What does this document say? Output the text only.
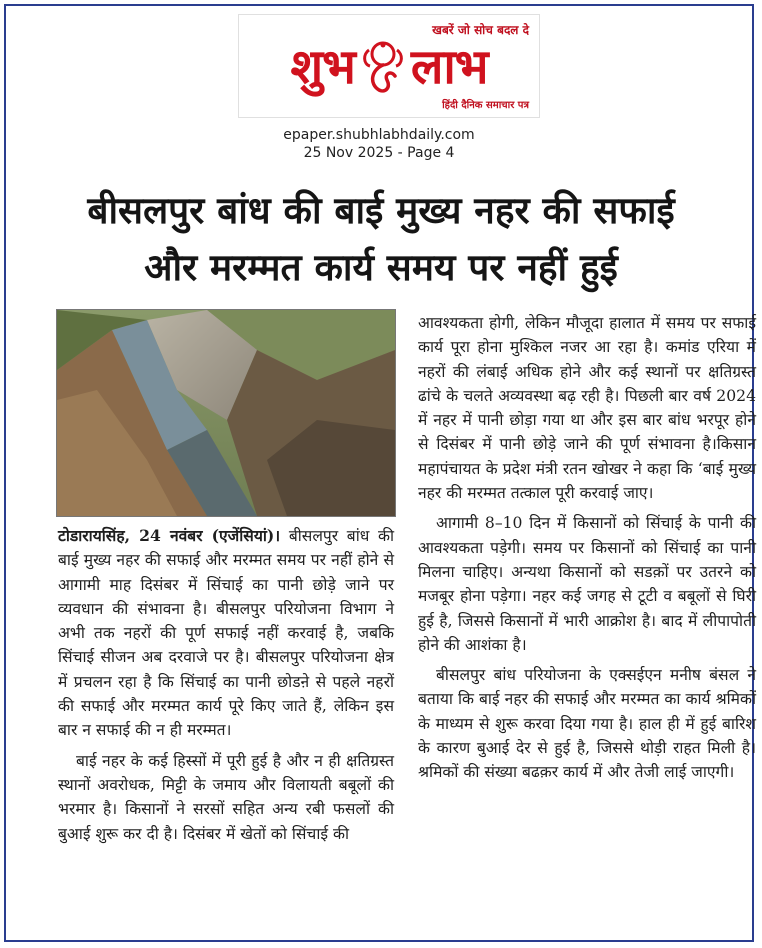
खबरें जो सोच बदल दे
शुभ लाभ
हिंदी दैनिक समाचार पत्र
epaper.shubhlabhdaily.com
25 Nov 2025 - Page 4
बीसलपुर बांध की बाई मुख्य नहर की सफाई
और मरम्मत कार्य समय पर नहीं हुई

टोडारायसिंह, 24 नवंबर (एजेंसियां)। बीसलपुर बांध की बाई मुख्य नहर की सफाई और मरम्मत समय पर नहीं होने से आगामी माह दिसंबर में सिंचाई का पानी छोड़े जाने पर व्यवधान की संभावना है। बीसलपुर परियोजना विभाग ने अभी तक नहरों की पूर्ण सफाई नहीं करवाई है, जबकि सिंचाई सीजन अब दरवाजे पर है। बीसलपुर परियोजना क्षेत्र में प्रचलन रहा है कि सिंचाई का पानी छोडऩे से पहले नहरों की सफाई और मरम्मत कार्य पूरे किए जाते हैं, लेकिन इस बार न सफाई की न ही मरम्मत।

बाई नहर के कई हिस्सों में पूरी हुई है और न ही क्षतिग्रस्त स्थानों अवरोधक, मिट्टी के जमाय और विलायती बबूलों की भरमार है। किसानों ने सरसों सहित अन्य रबी फसलों की बुआई शुरू कर दी है। दिसंबर में खेतों को सिंचाई की

आवश्यकता होगी, लेकिन मौजूदा हालात में समय पर सफाई कार्य पूरा होना मुश्किल नजर आ रहा है। कमांड एरिया में नहरों की लंबाई अधिक होने और कई स्थानों पर क्षतिग्रस्त ढांचे के चलते अव्यवस्था बढ़ रही है। पिछली बार वर्ष 2024 में नहर में पानी छोड़ा गया था और इस बार बांध भरपूर होने से दिसंबर में पानी छोड़े जाने की पूर्ण संभावना है।किसान महापंचायत के प्रदेश मंत्री रतन खोखर ने कहा कि ‘बाई मुख्य नहर की मरम्मत तत्काल पूरी करवाई जाए।

आगामी 8–10 दिन में किसानों को सिंचाई के पानी की आवश्यकता पड़ेगी। समय पर किसानों को सिंचाई का पानी मिलना चाहिए। अन्यथा किसानों को सडक़ों पर उतरने को मजबूर होना पड़ेगा। नहर कई जगह से टूटी व बबूलों से घिरी हुई है, जिससे किसानों में भारी आक्रोश है। बाद में लीपापोती होने की आशंका है।

बीसलपुर बांध परियोजना के एक्सईएन मनीष बंसल ने बताया कि बाई नहर की सफाई और मरम्मत का कार्य श्रमिकों के माध्यम से शुरू करवा दिया गया है। हाल ही में हुई बारिश के कारण बुआई देर से हुई है, जिससे थोड़ी राहत मिली है। श्रमिकों की संख्या बढक़र कार्य में और तेजी लाई जाएगी।
